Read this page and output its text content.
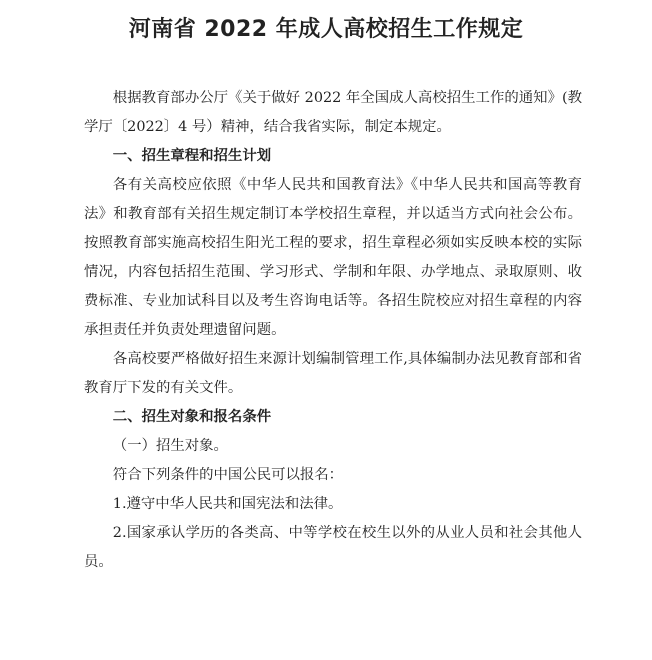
河南省 2022 年成人高校招生工作规定

根据教育部办公厅《关于做好 2022 年全国成人高校招生工作的通知》(教学厅〔2022〕4 号）精神，结合我省实际，制定本规定。

一、招生章程和招生计划

各有关高校应依照《中华人民共和国教育法》《中华人民共和国高等教育法》和教育部有关招生规定制订本学校招生章程，并以适当方式向社会公布。按照教育部实施高校招生阳光工程的要求，招生章程必须如实反映本校的实际情况，内容包括招生范围、学习形式、学制和年限、办学地点、录取原则、收费标准、专业加试科目以及考生咨询电话等。各招生院校应对招生章程的内容承担责任并负责处理遗留问题。

各高校要严格做好招生来源计划编制管理工作,具体编制办法见教育部和省教育厅下发的有关文件。

二、招生对象和报名条件

（一）招生对象。

符合下列条件的中国公民可以报名：

1.遵守中华人民共和国宪法和法律。

2.国家承认学历的各类高、中等学校在校生以外的从业人员和社会其他人员。
